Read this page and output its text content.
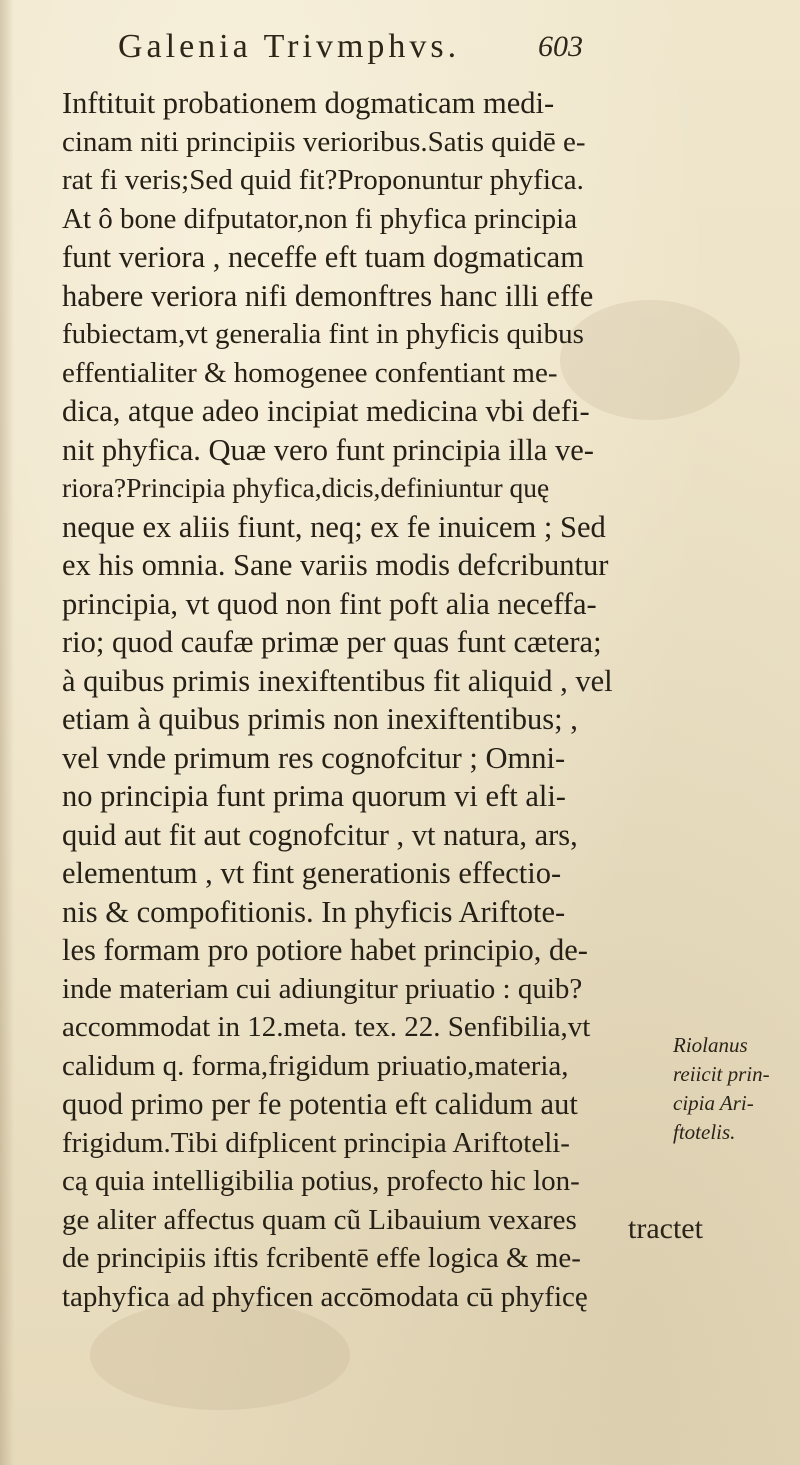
Galenia Trivmphvs.	603
Inftituit probationem dogmaticam medi-
cinam niti principiis verioribus.Satis quidē e-
rat fi veris;Sed quid fit?Proponuntur phyfica.
At ô bone difputator,non fi phyfica principia
funt veriora , neceffe eft tuam dogmaticam
habere veriora nifi demonftres hanc illi effe
fubiectam,vt generalia fint in phyficis quibus
effentialiter & homogenee confentiant me-
dica, atque adeo incipiat medicina vbi defi-
nit phyfica. Quæ vero funt principia illa ve-
riora?Principia phyfica,dicis,definiuntur quę
neque ex aliis fiunt, neq; ex fe inuicem ; Sed
ex his omnia. Sane variis modis defcribuntur
principia, vt quod non fint poft alia neceffa-
rio; quod caufæ primæ per quas funt cætera;
à quibus primis inexiftentibus fit aliquid , vel
etiam à quibus primis non inexiftentibus; ,
vel vnde primum res cognofcitur ; Omni-
no principia funt prima quorum vi eft ali-
quid aut fit aut cognofcitur , vt natura, ars,
elementum , vt fint generationis effectio-
nis & compofitionis. In phyficis Ariftote-
les formam pro potiore habet principio, de-
inde materiam cui adiungitur priuatio : quib?
accommodat in 12.meta. tex. 22. Senfibilia,vt
calidum q. forma,frigidum priuatio,materia,
quod primo per fe potentia eft calidum aut
frigidum.Tibi difplicent principia Ariftoteli-
cą quia intelligibilia potius, profecto hic lon-
ge aliter affectus quam cũ Libauium vexares
de principiis iftis fcribentē effe logica & me-
taphyfica ad phyficen accōmodata cū phyficę
Riolanus
reiicit prin-
cipia Ari-
ftotelis.
tractet
